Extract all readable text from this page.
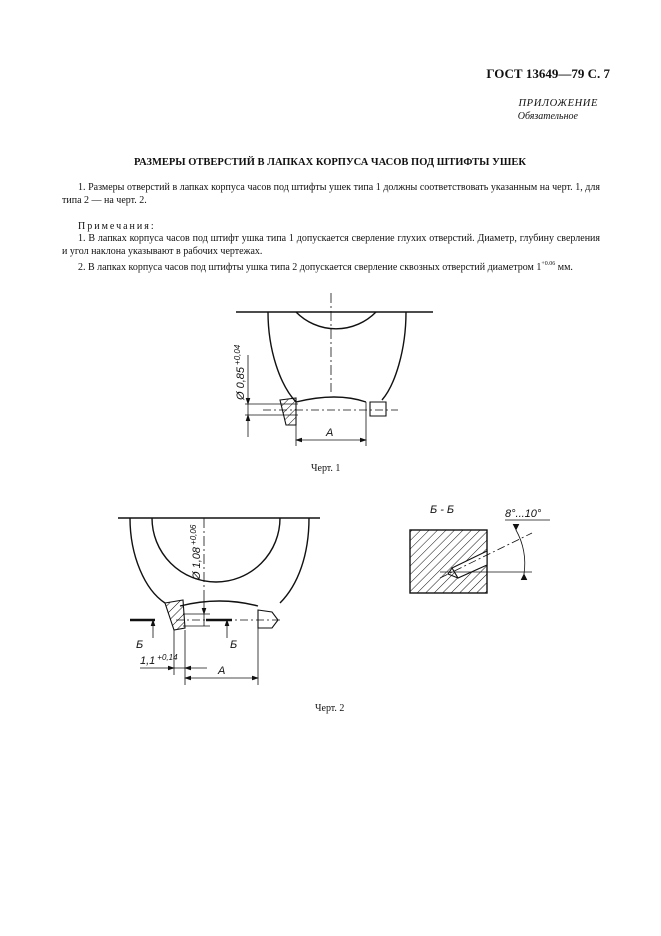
ГОСТ 13649—79 С. 7
ПРИЛОЖЕНИЕ
Обязательное
РАЗМЕРЫ ОТВЕРСТИЙ В ЛАПКАХ КОРПУСА ЧАСОВ ПОД ШТИФТЫ УШЕК
1. Размеры отверстий в лапках корпуса часов под штифты ушек типа 1 должны соответствовать указанным на черт. 1, для типа 2 — на черт. 2.
Примечания:
1. В лапках корпуса часов под штифт ушка типа 1 допускается сверление глухих отверстий. Диаметр, глубину сверления и угол наклона указывают в рабочих чертежах.
2. В лапках корпуса часов под штифты ушка типа 2 допускается сверление сквозных отверстий диаметром $1^{+0.06}$ мм.
Ø $0,85^{+0,04}$
A
Черт. 1
Ø $1,08^{+0,06}$
Б	Б
1,1 $^{+0,14}$
A
Черт. 2
Б - Б	8°...10°
